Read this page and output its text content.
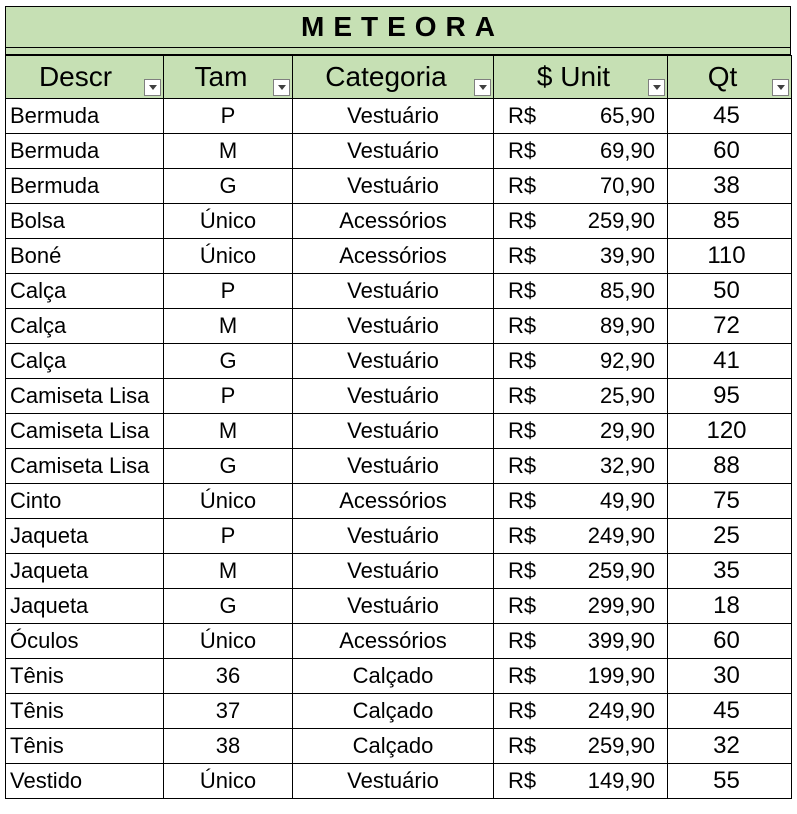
METEORA
Descr	Tam	Categoria	$ Unit	Qt

Bermuda	P	Vestuário	R$ 65,90	45
Bermuda	M	Vestuário	R$ 69,90	60
Bermuda	G	Vestuário	R$ 70,90	38
Bolsa	Único	Acessórios	R$ 259,90	85
Boné	Único	Acessórios	R$ 39,90	110
Calça	P	Vestuário	R$ 85,90	50
Calça	M	Vestuário	R$ 89,90	72
Calça	G	Vestuário	R$ 92,90	41
Camiseta Lisa	P	Vestuário	R$ 25,90	95
Camiseta Lisa	M	Vestuário	R$ 29,90	120
Camiseta Lisa	G	Vestuário	R$ 32,90	88
Cinto	Único	Acessórios	R$ 49,90	75
Jaqueta	P	Vestuário	R$ 249,90	25
Jaqueta	M	Vestuário	R$ 259,90	35
Jaqueta	G	Vestuário	R$ 299,90	18
Óculos	Único	Acessórios	R$ 399,90	60
Tênis	36	Calçado	R$ 199,90	30
Tênis	37	Calçado	R$ 249,90	45
Tênis	38	Calçado	R$ 259,90	32
Vestido	Único	Vestuário	R$ 149,90	55
